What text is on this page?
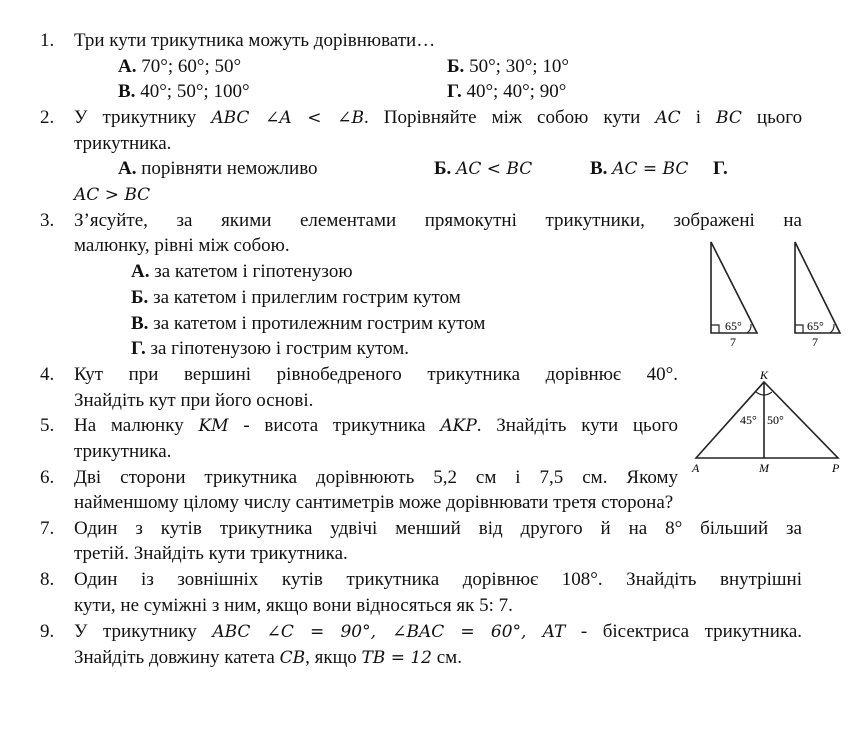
1.	Три кути трикутника можуть дорівнювати…
А. 70°; 60°; 50°	Б. 50°; 30°; 10°
В. 40°; 50°; 100°	Г. 40°; 40°; 90°
2.	У трикутнику ABC ∠A < ∠B. Порівняйте між собою кути AC і BC цього
трикутника.
А. порівняти неможливо	Б. AC < BC	В. AC = BC Г.
AC > BC
3.	З’ясуйте, за якими елементами прямокутні трикутники, зображені на
малюнку, рівні між собою.
А. за катетом і гіпотенузою
Б. за катетом і прилеглим гострим кутом
В. за катетом і протилежним гострим кутом
Г. за гіпотенузою і гострим кутом.
65°
7
65°
7
4.	Кут при вершині рівнобедреного трикутника дорівнює 40°.
Знайдіть кут при його основі.
5.	На малюнку KM - висота трикутника AKP. Знайдіть кути цього
трикутника.
K
A	M	P
45° 50°
6.	Дві сторони трикутника дорівнюють 5,2 см і 7,5 см. Якому
найменшому цілому числу сантиметрів може дорівнювати третя сторона?
7.	Один з кутів трикутника удвічі менший від другого й на 8° більший за
третій. Знайдіть кути трикутника.
8.	Один із зовнішніх кутів трикутника дорівнює 108°. Знайдіть внутрішні
кути, не суміжні з ним, якщо вони відносяться як 5: 7.
9.	У трикутнику ABC ∠C = 90°, ∠BAC = 60°, AT - бісектриса трикутника.
Знайдіть довжину катета CB, якщо TB = 12 см.
